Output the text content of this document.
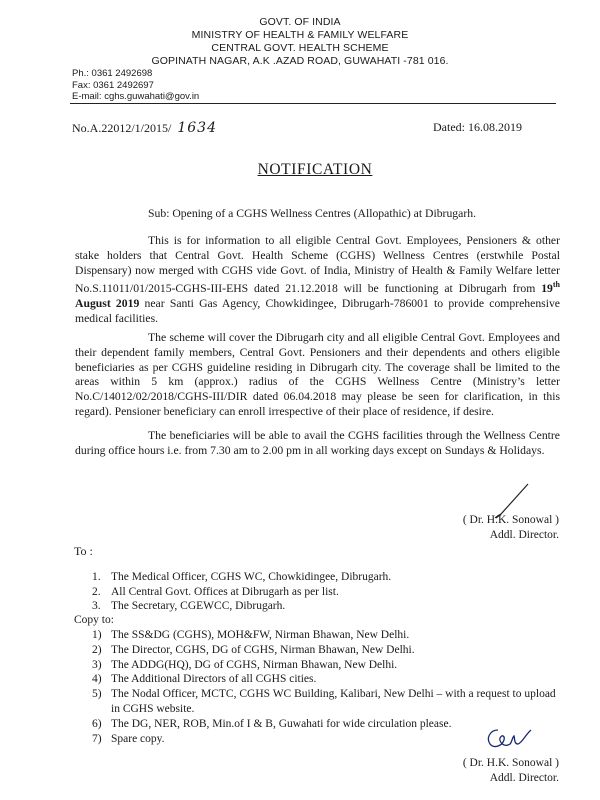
GOVT. OF INDIA
MINISTRY OF HEALTH & FAMILY WELFARE
CENTRAL GOVT. HEALTH SCHEME
GOPINATH NAGAR, A.K .AZAD ROAD, GUWAHATI -781 016.
Ph.: 0361 2492698
Fax: 0361 2492697
E-mail: cghs.guwahati@gov.in
No.A.22012/1/2015/ 1634	Dated: 16.08.2019
NOTIFICATION
Sub: Opening of a CGHS Wellness Centres (Allopathic) at Dibrugarh.
This is for information to all eligible Central Govt. Employees, Pensioners & other stake holders that Central Govt. Health Scheme (CGHS) Wellness Centres (erstwhile Postal Dispensary) now merged with CGHS vide Govt. of India, Ministry of Health & Family Welfare letter No.S.11011/01/2015-CGHS-III-EHS dated 21.12.2018 will be functioning at Dibrugarh from 19th August 2019 near Santi Gas Agency, Chowkidingee, Dibrugarh-786001 to provide comprehensive medical facilities.
The scheme will cover the Dibrugarh city and all eligible Central Govt. Employees and their dependent family members, Central Govt. Pensioners and their dependents and others eligible beneficiaries as per CGHS guideline residing in Dibrugarh city. The coverage shall be limited to the areas within 5 km (approx.) radius of the CGHS Wellness Centre (Ministry’s letter No.C/14012/02/2018/CGHS-III/DIR dated 06.04.2018 may please be seen for clarification, in this regard). Pensioner beneficiary can enroll irrespective of their place of residence, if desire.
The beneficiaries will be able to avail the CGHS facilities through the Wellness Centre during office hours i.e. from 7.30 am to 2.00 pm in all working days except on Sundays & Holidays.
( Dr. H.K. Sonowal )
Addl. Director.
To :
1. The Medical Officer, CGHS WC, Chowkidingee, Dibrugarh.
2. All Central Govt. Offices at Dibrugarh as per list.
3. The Secretary, CGEWCC, Dibrugarh.
Copy to:
1) The SS&DG (CGHS), MOH&FW, Nirman Bhawan, New Delhi.
2) The Director, CGHS, DG of CGHS, Nirman Bhawan, New Delhi.
3) The ADDG(HQ), DG of CGHS, Nirman Bhawan, New Delhi.
4) The Additional Directors of all CGHS cities.
5) The Nodal Officer, MCTC, CGHS WC Building, Kalibari, New Delhi – with a request to upload in CGHS website.
6) The DG, NER, ROB, Min.of I & B, Guwahati for wide circulation please.
7) Spare copy.
( Dr. H.K. Sonowal )
Addl. Director.
